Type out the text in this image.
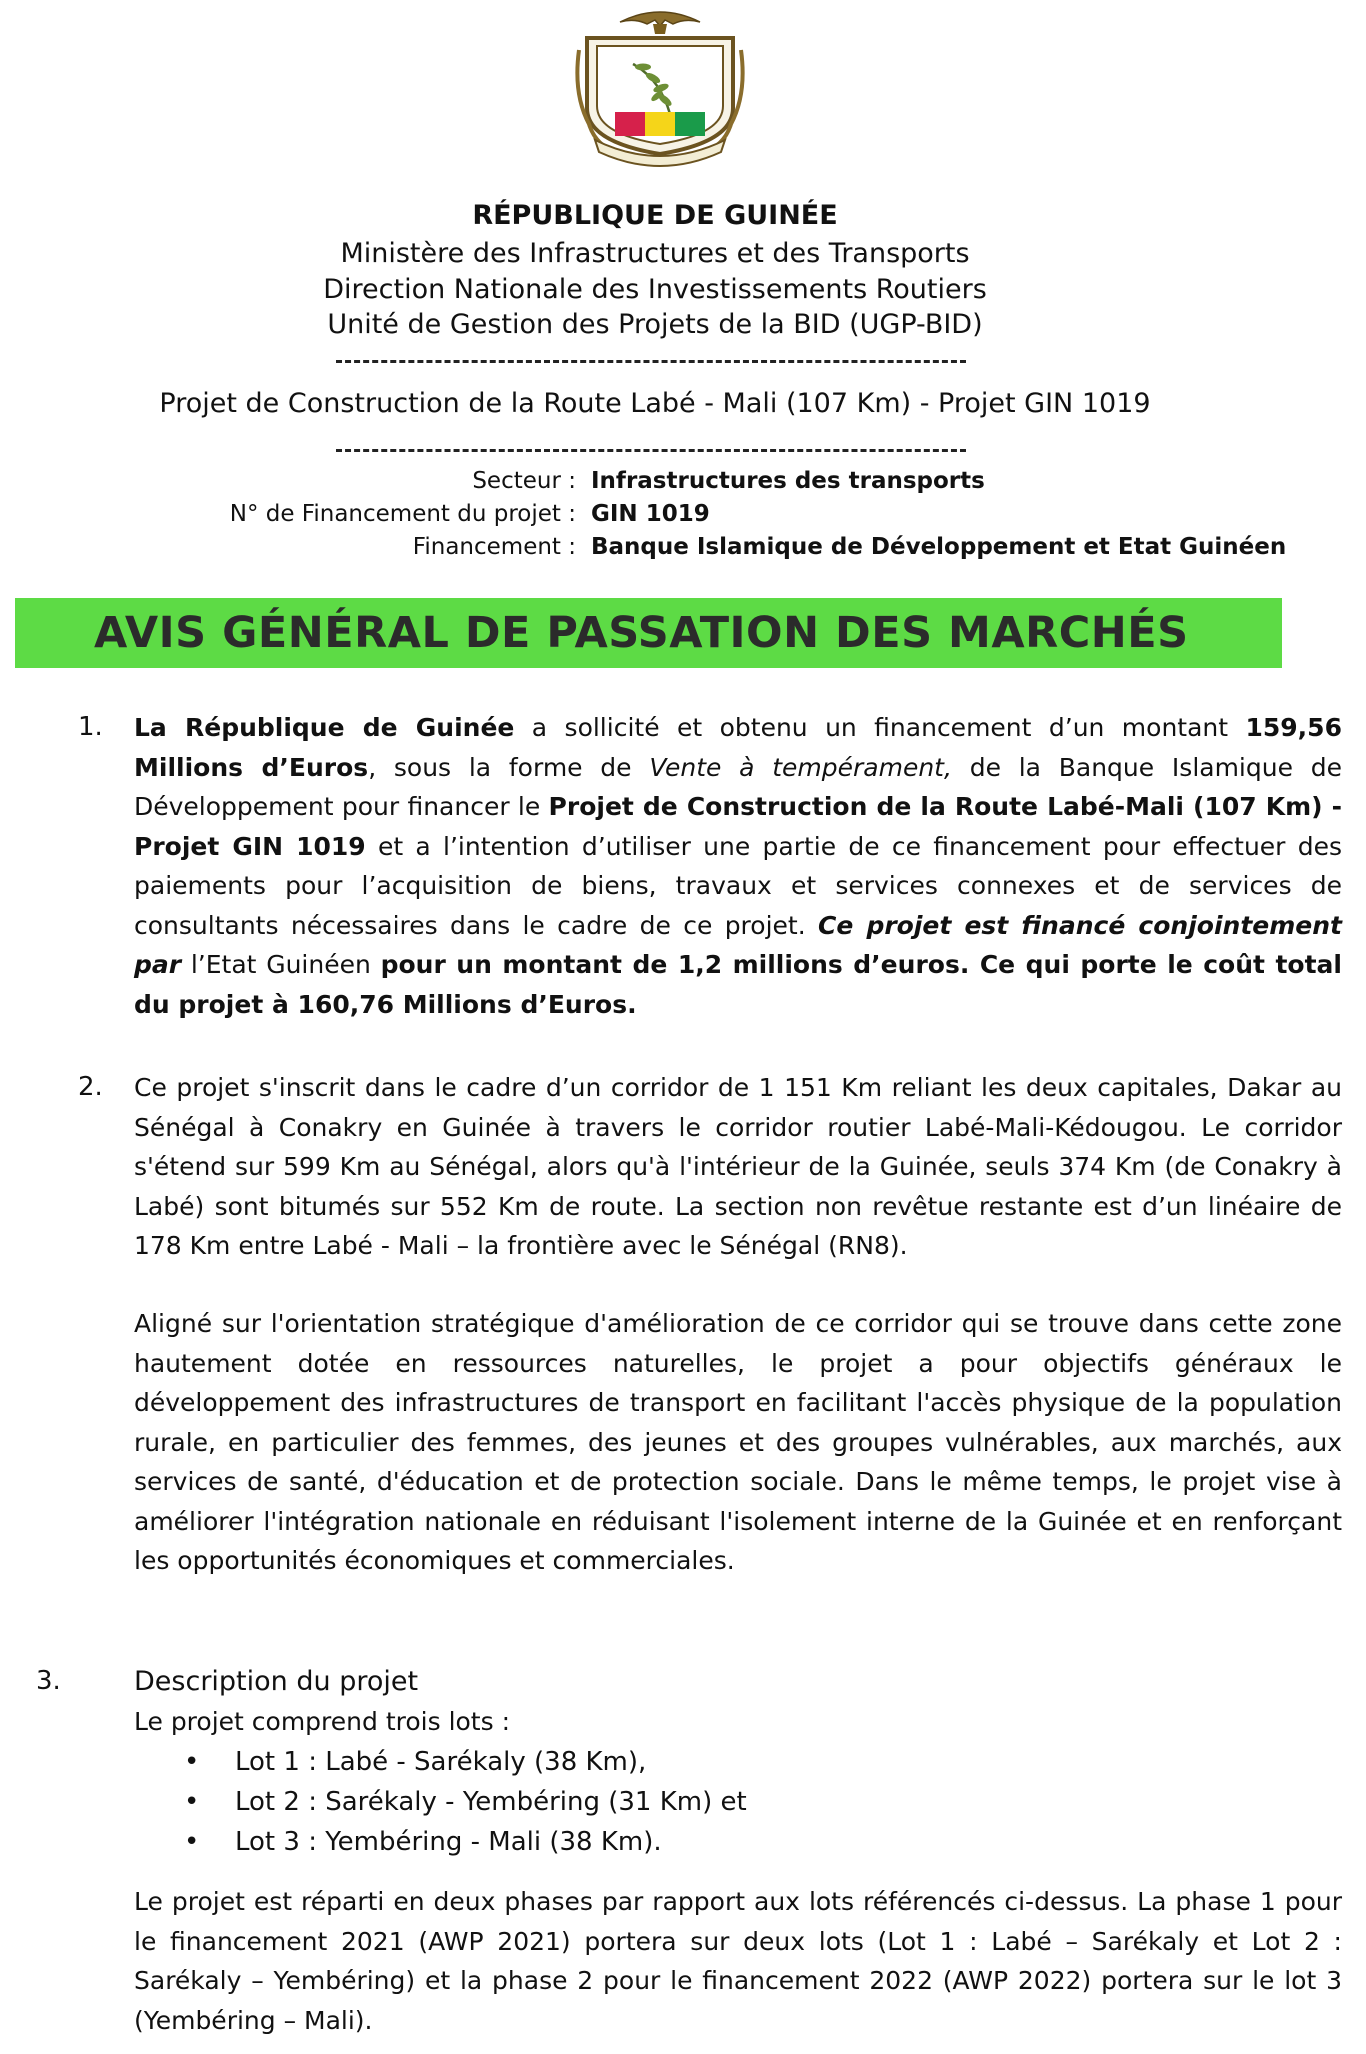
RÉPUBLIQUE DE GUINÉE
Ministère des Infrastructures et des Transports
Direction Nationale des Investissements Routiers
Unité de Gestion des Projets de la BID (UGP-BID)
Projet de Construction de la Route Labé - Mali (107 Km) - Projet GIN 1019
Secteur : Infrastructures des transports
N° de Financement du projet : GIN 1019
Financement : Banque Islamique de Développement et Etat Guinéen
AVIS GÉNÉRAL DE PASSATION DES MARCHÉS
1. La République de Guinée a sollicité et obtenu un financement d’un montant 159,56 Millions d’Euros, sous la forme de Vente à tempérament, de la Banque Islamique de Développement pour financer le Projet de Construction de la Route Labé-Mali (107 Km) - Projet GIN 1019 et a l’intention d’utiliser une partie de ce financement pour effectuer des paiements pour l’acquisition de biens, travaux et services connexes et de services de consultants nécessaires dans le cadre de ce projet. Ce projet est financé conjointement par l’Etat Guinéen pour un montant de 1,2 millions d’euros. Ce qui porte le coût total du projet à 160,76 Millions d’Euros.
2. Ce projet s'inscrit dans le cadre d’un corridor de 1 151 Km reliant les deux capitales, Dakar au Sénégal à Conakry en Guinée à travers le corridor routier Labé-Mali-Kédougou. Le corridor s'étend sur 599 Km au Sénégal, alors qu'à l'intérieur de la Guinée, seuls 374 Km (de Conakry à Labé) sont bitumés sur 552 Km de route. La section non revêtue restante est d’un linéaire de 178 Km entre Labé - Mali – la frontière avec le Sénégal (RN8).
Aligné sur l'orientation stratégique d'amélioration de ce corridor qui se trouve dans cette zone hautement dotée en ressources naturelles, le projet a pour objectifs généraux le développement des infrastructures de transport en facilitant l'accès physique de la population rurale, en particulier des femmes, des jeunes et des groupes vulnérables, aux marchés, aux services de santé, d'éducation et de protection sociale. Dans le même temps, le projet vise à améliorer l'intégration nationale en réduisant l'isolement interne de la Guinée et en renforçant les opportunités économiques et commerciales.
3.	Description du projet
Le projet comprend trois lots :
• Lot 1 : Labé - Sarékaly (38 Km),
• Lot 2 : Sarékaly - Yembéring (31 Km) et
• Lot 3 : Yembéring - Mali (38 Km).
Le projet est réparti en deux phases par rapport aux lots référencés ci-dessus. La phase 1 pour le financement 2021 (AWP 2021) portera sur deux lots (Lot 1 : Labé – Sarékaly et Lot 2 : Sarékaly – Yembéring) et la phase 2 pour le financement 2022 (AWP 2022) portera sur le lot 3 (Yembéring – Mali).
